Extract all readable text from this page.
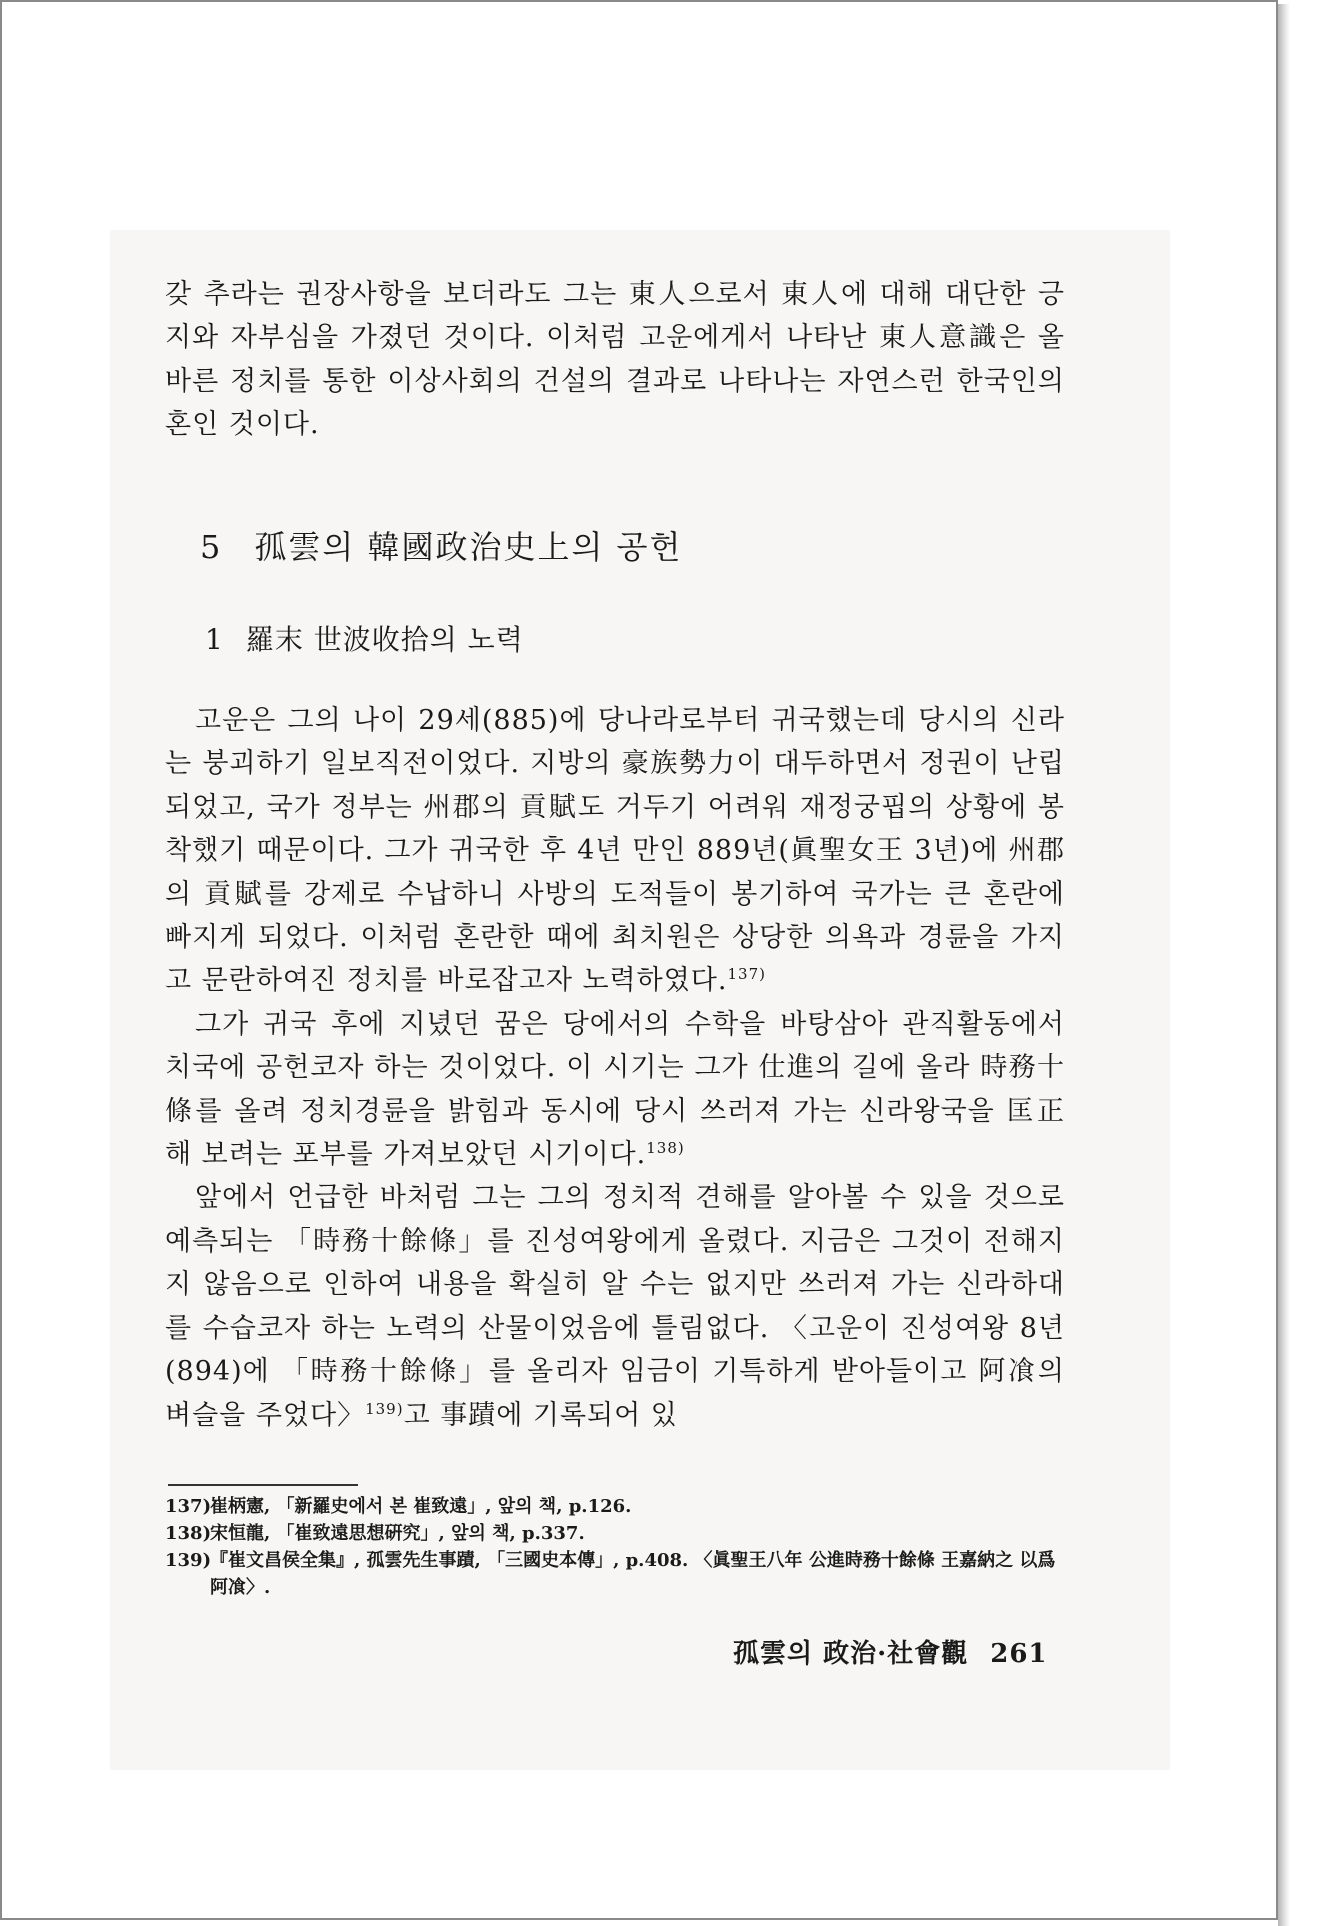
갖 추라는 권장사항을 보더라도 그는 東人으로서 東人에 대해 대단한 긍지와 자부심을 가졌던 것이다. 이처럼 고운에게서 나타난 東人意識은 올바른 정치를 통한 이상사회의 건설의 결과로 나타나는 자연스런 한국인의 혼인 것이다.

5 孤雲의 韓國政治史上의 공헌
1 羅末 世波收拾의 노력

고운은 그의 나이 29세(885)에 당나라로부터 귀국했는데 당시의 신라는 붕괴하기 일보직전이었다. 지방의 豪族勢力이 대두하면서 정권이 난립되었고, 국가 정부는 州郡의 貢賦도 거두기 어려워 재정궁핍의 상황에 봉착했기 때문이다. 그가 귀국한 후 4년 만인 889년(眞聖女王 3년)에 州郡의 貢賦를 강제로 수납하니 사방의 도적들이 봉기하여 국가는 큰 혼란에 빠지게 되었다. 이처럼 혼란한 때에 최치원은 상당한 의욕과 경륜을 가지고 문란하여진 정치를 바로잡고자 노력하였다.$^{137)}$

그가 귀국 후에 지녔던 꿈은 당에서의 수학을 바탕삼아 관직활동에서 치국에 공헌코자 하는 것이었다. 이 시기는 그가 仕進의 길에 올라 時務十條를 올려 정치경륜을 밝힘과 동시에 당시 쓰러져 가는 신라왕국을 匡正해 보려는 포부를 가져보았던 시기이다.$^{138)}$

앞에서 언급한 바처럼 그는 그의 정치적 견해를 알아볼 수 있을 것으로 예측되는 「時務十餘條」를 진성여왕에게 올렸다. 지금은 그것이 전해지지 않음으로 인하여 내용을 확실히 알 수는 없지만 쓰러져 가는 신라하대를 수습코자 하는 노력의 산물이었음에 틀림없다. 〈고운이 진성여왕 8년(894)에 「時務十餘條」를 올리자 임금이 기특하게 받아들이고 阿飡의 벼슬을 주었다〉$^{139)}$고 事蹟에 기록되어 있

137)
崔柄憲, 「新羅史에서 본 崔致遠」, 앞의 책, p.126.
138)
宋恒龍, 「崔致遠思想硏究」, 앞의 책, p.337.
139)
『崔文昌侯全集』, 孤雲先生事蹟, 「三國史本傳」, p.408. 〈眞聖王八年 公進時務十餘條 王嘉納之 以爲阿飡〉.
孤雲의 政治·社會觀 261
